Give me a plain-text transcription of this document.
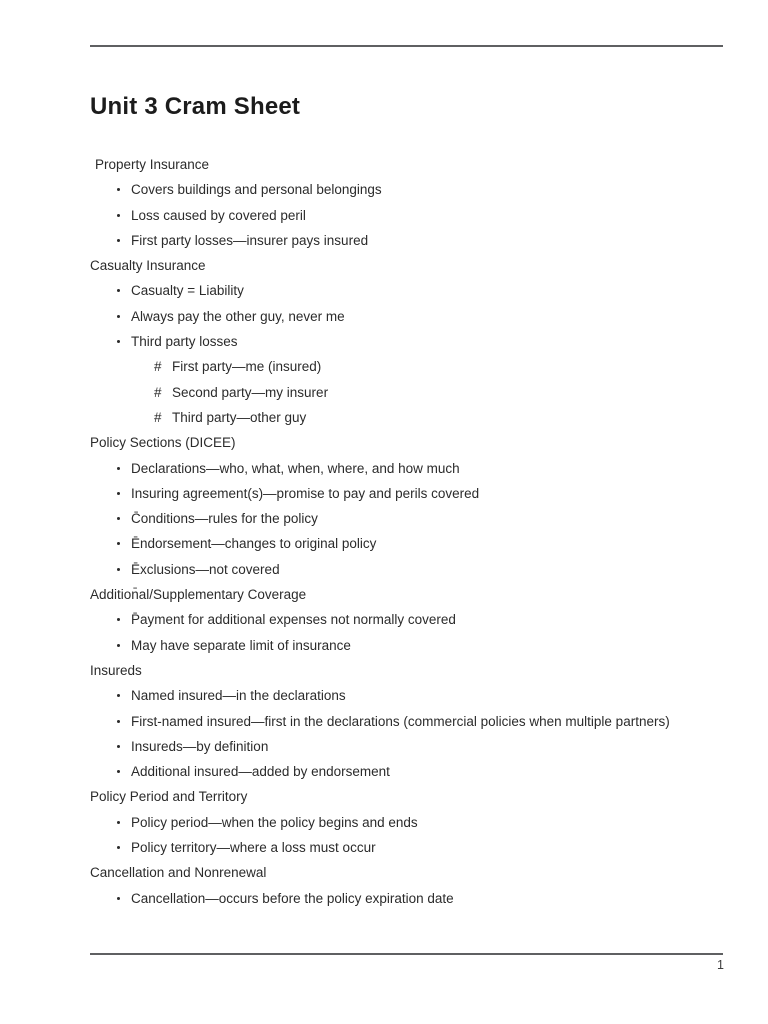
Unit 3 Cram Sheet
Property Insurance
Covers buildings and personal belongings
Loss caused by covered peril
First party losses—insurer pays insured
Casualty Insurance
Casualty = Liability
Always pay the other guy, never me
Third party losses
# First party—me (insured)
# Second party—my insurer
# Third party—other guy
Policy Sections (DICEE)
Declarations—who, what, when, where, and how much
Insuring agreement(s)—promise to pay and perils covered
C̄onditions—rules for the policy
Ēndorsement—changes to original policy
Ēxclusions—not covered
Addition̄al/Supplementary Coverage
P̄ayment for additional expenses not normally covered
May have separate limit of insurance
Insureds
Named insured—in the declarations
First-named insured—first in the declarations (commercial policies when multiple partners)
Insureds—by definition
Additional insured—added by endorsement
Policy Period and Territory
Policy period—when the policy begins and ends
Policy territory—where a loss must occur
Cancellation and Nonrenewal
Cancellation—occurs before the policy expiration date
1
